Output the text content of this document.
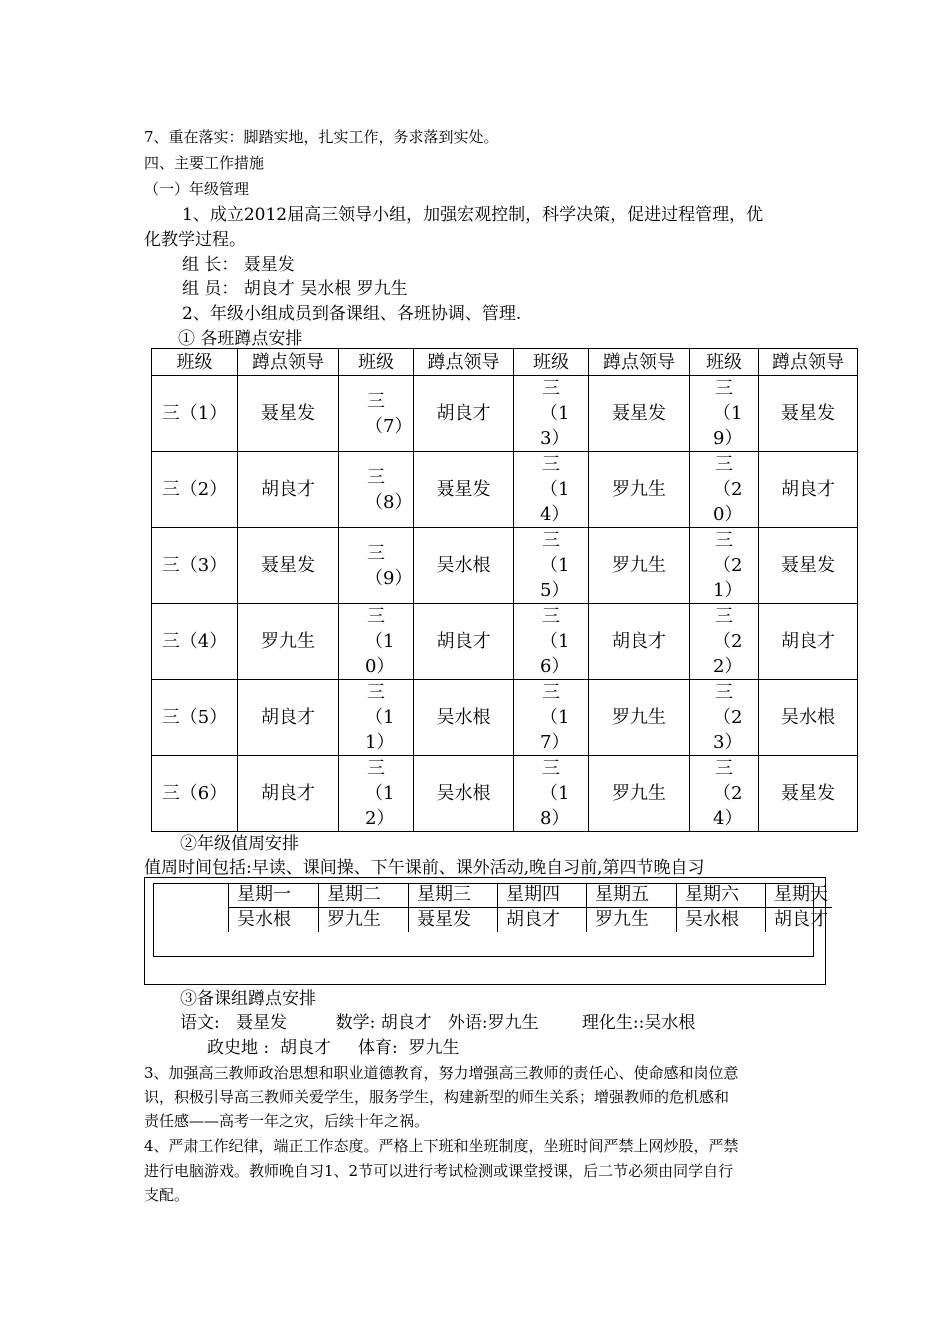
7、重在落实：脚踏实地，扎实工作，务求落到实处。
四、主要工作措施
（一）年级管理
1、成立2012届高三领导小组，加强宏观控制，科学决策，促进过程管理，优
化教学过程。
组 长： 聂星发
组 员： 胡良才 吴水根 罗九生
2、年级小组成员到备课组、各班协调、管理.
① 各班蹲点安排
班级	蹲点领导	班级	蹲点领导	班级	蹲点领导	班级	蹲点领导
三（1）	聂星发	三（7）	胡良才	三（13）	聂星发	三（19）	聂星发
三（2）	胡良才	三（8）	聂星发	三（14）	罗九生	三（20）	胡良才
三（3）	聂星发	三（9）	吴水根	三（15）	罗九生	三（21）	聂星发
三（4）	罗九生	三（10）	胡良才	三（16）	胡良才	三（22）	胡良才
三（5）	胡良才	三（11）	吴水根	三（17）	罗九生	三（23）	吴水根
三（6）	胡良才	三（12）	吴水根	三（18）	罗九生	三（24）	聂星发
②年级值周安排
值周时间包括:早读、课间操、下午课前、课外活动,晚自习前,第四节晚自习
星期一	星期二	星期三	星期四	星期五	星期六	星期天
吴水根	罗九生	聂星发	胡良才	罗九生	吴水根	胡良才
③备课组蹲点安排
语文:   聂星发         数学: 胡良才   外语:罗九生        理化生::吴水根
政史地 :  胡良才     体育:  罗九生
3、加强高三教师政治思想和职业道德教育，努力增强高三教师的责任心、使命感和岗位意
识，积极引导高三教师关爱学生，服务学生，构建新型的师生关系；增强教师的危机感和
责任感——高考一年之灾，后续十年之祸。
4、严肃工作纪律，端正工作态度。严格上下班和坐班制度，坐班时间严禁上网炒股，严禁
进行电脑游戏。教师晚自习1、2节可以进行考试检测或课堂授课，后二节必须由同学自行
支配。
